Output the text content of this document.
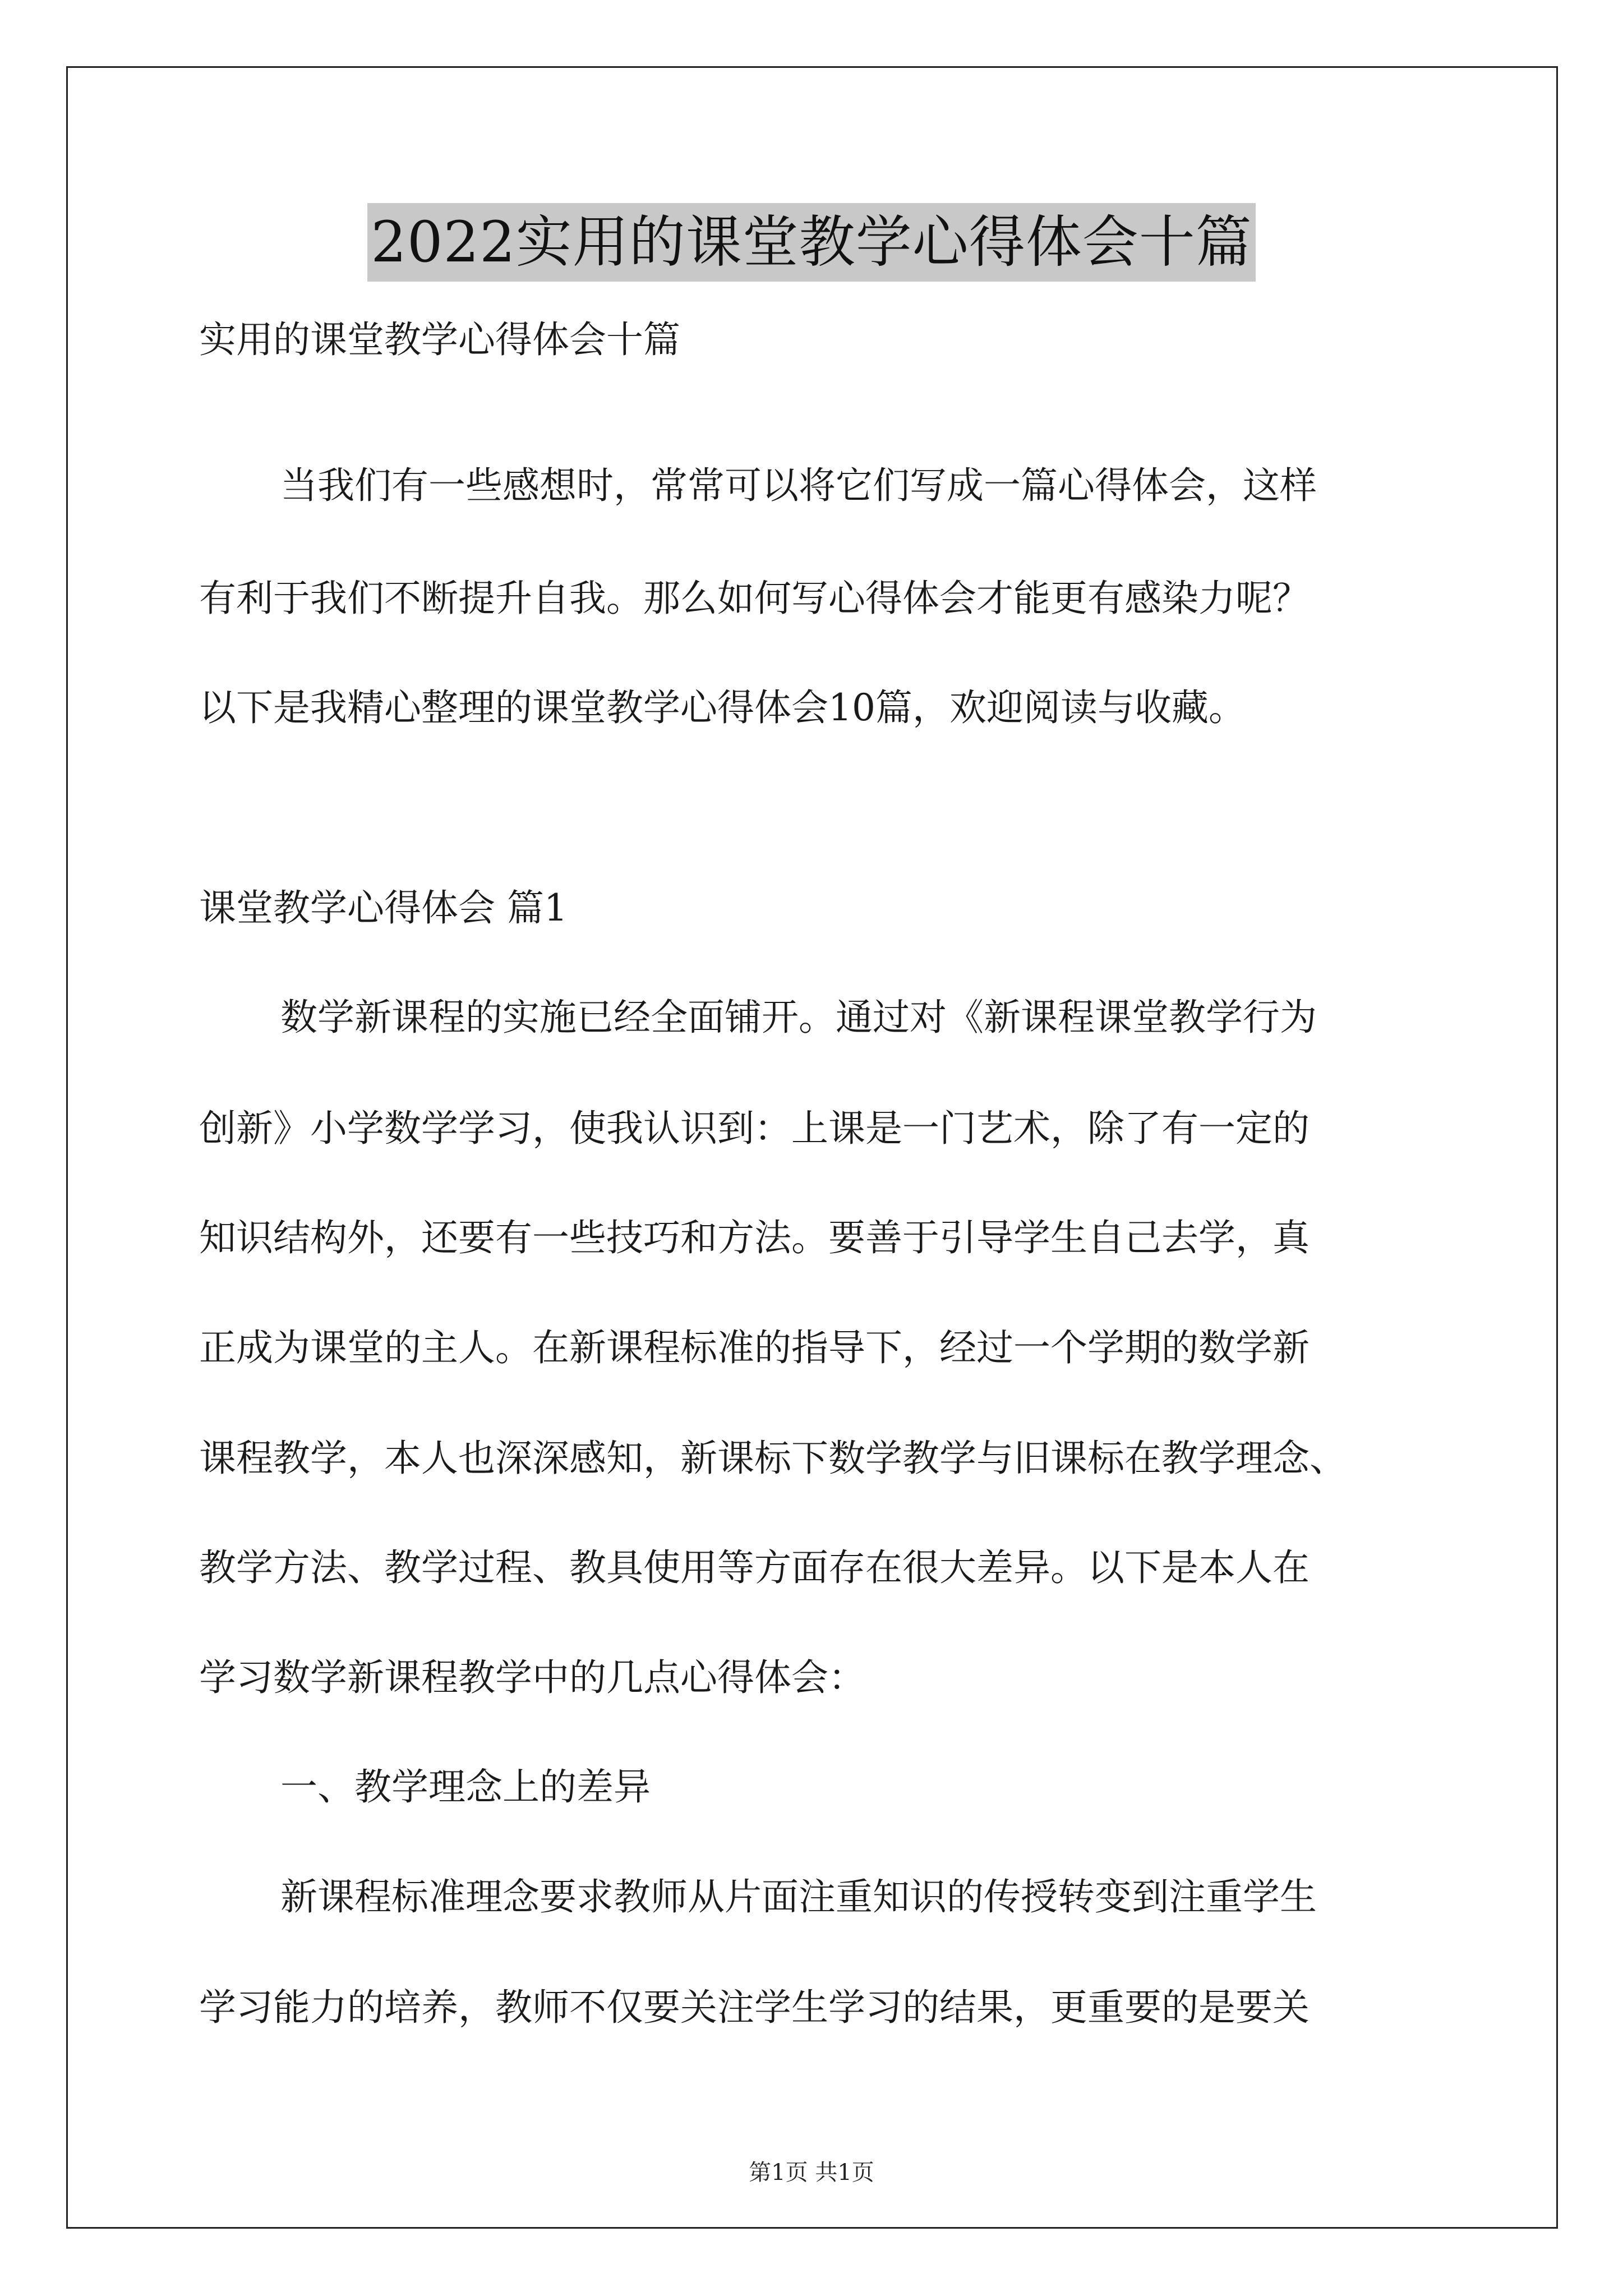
2022实用的课堂教学心得体会十篇
实用的课堂教学心得体会十篇
当我们有一些感想时，常常可以将它们写成一篇心得体会，这样
有利于我们不断提升自我。那么如何写心得体会才能更有感染力呢？
以下是我精心整理的课堂教学心得体会10篇，欢迎阅读与收藏。
课堂教学心得体会 篇1
数学新课程的实施已经全面铺开。通过对《新课程课堂教学行为
创新》小学数学学习，使我认识到：上课是一门艺术，除了有一定的
知识结构外，还要有一些技巧和方法。要善于引导学生自己去学，真
正成为课堂的主人。在新课程标准的指导下，经过一个学期的数学新
课程教学，本人也深深感知，新课标下数学教学与旧课标在教学理念、
教学方法、教学过程、教具使用等方面存在很大差异。以下是本人在
学习数学新课程教学中的几点心得体会：
一、教学理念上的差异
新课程标准理念要求教师从片面注重知识的传授转变到注重学生
学习能力的培养，教师不仅要关注学生学习的结果，更重要的是要关
第1页 共1页
